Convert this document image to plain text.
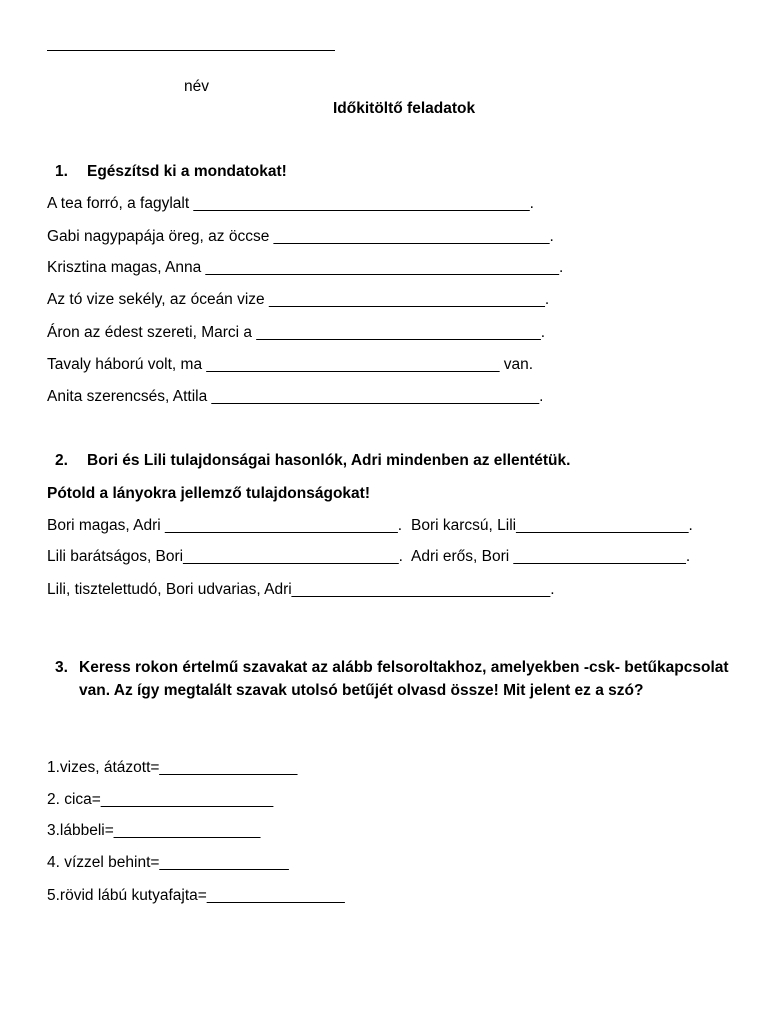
név
Időkitöltő feladatok
1. Egészítsd ki a mondatokat!
A tea forró, a fagylalt _______________________________________.
Gabi nagypapája öreg, az öccse ________________________________.
Krisztina magas, Anna _________________________________________.
Az tó vize sekély, az óceán vize ________________________________.
Áron az édest szereti, Marci a _________________________________.
Tavaly háború volt, ma __________________________________ van.
Anita szerencsés, Attila ______________________________________.
2. Bori és Lili tulajdonságai hasonlók, Adri mindenben az ellentétük.
Pótold a lányokra jellemző tulajdonságokat!
Bori magas, Adri ___________________________. Bori karcsú, Lili____________________.
Lili barátságos, Bori_________________________. Adri erős, Bori ____________________.
Lili, tisztelettudó, Bori udvarias, Adri______________________________.
3. Keress rokon értelmű szavakat az alább felsoroltakhoz, amelyekben -csk- betűkapcsolat van. Az így megtalált szavak utolsó betűjét olvasd össze! Mit jelent ez a szó?
1.vizes, átázott=________________
2. cica=____________________
3.lábbeli=_________________
4. vízzel behint=_______________
5.rövid lábú kutyafajta=________________
